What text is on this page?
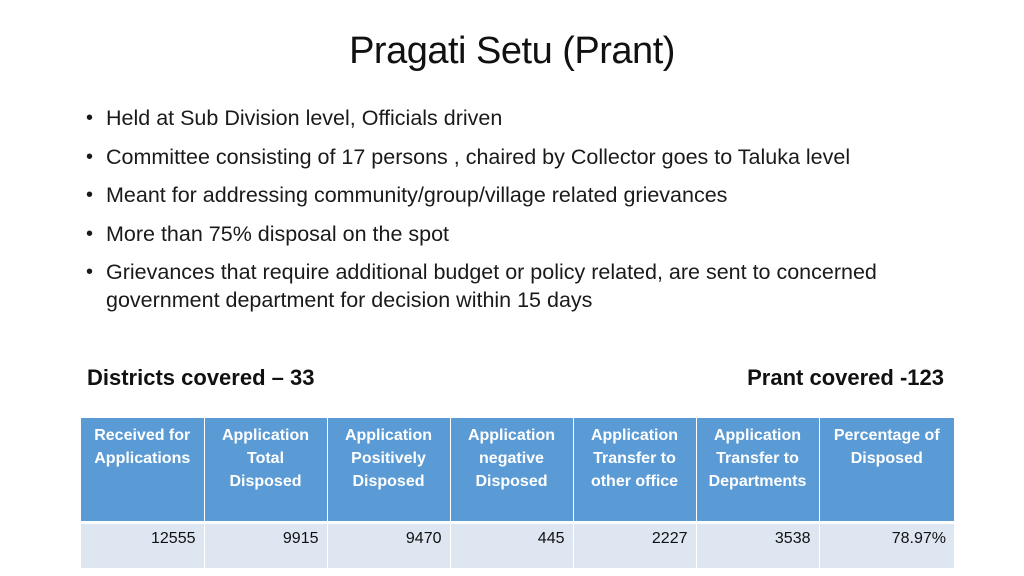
Pragati Setu (Prant)
• Held at Sub Division level, Officials driven
• Committee consisting of 17 persons , chaired by Collector goes to Taluka level
• Meant for addressing community/group/village related grievances
• More than 75% disposal on the spot
• Grievances that require additional budget or policy related, are sent to concerned government department for decision within 15 days
Districts covered – 33	Prant covered -123
Received for Applications	Application Total Disposed	Application Positively Disposed	Application negative Disposed	Application Transfer to other office	Application Transfer to Departments	Percentage of Disposed
12555	9915	9470	445	2227	3538	78.97%
